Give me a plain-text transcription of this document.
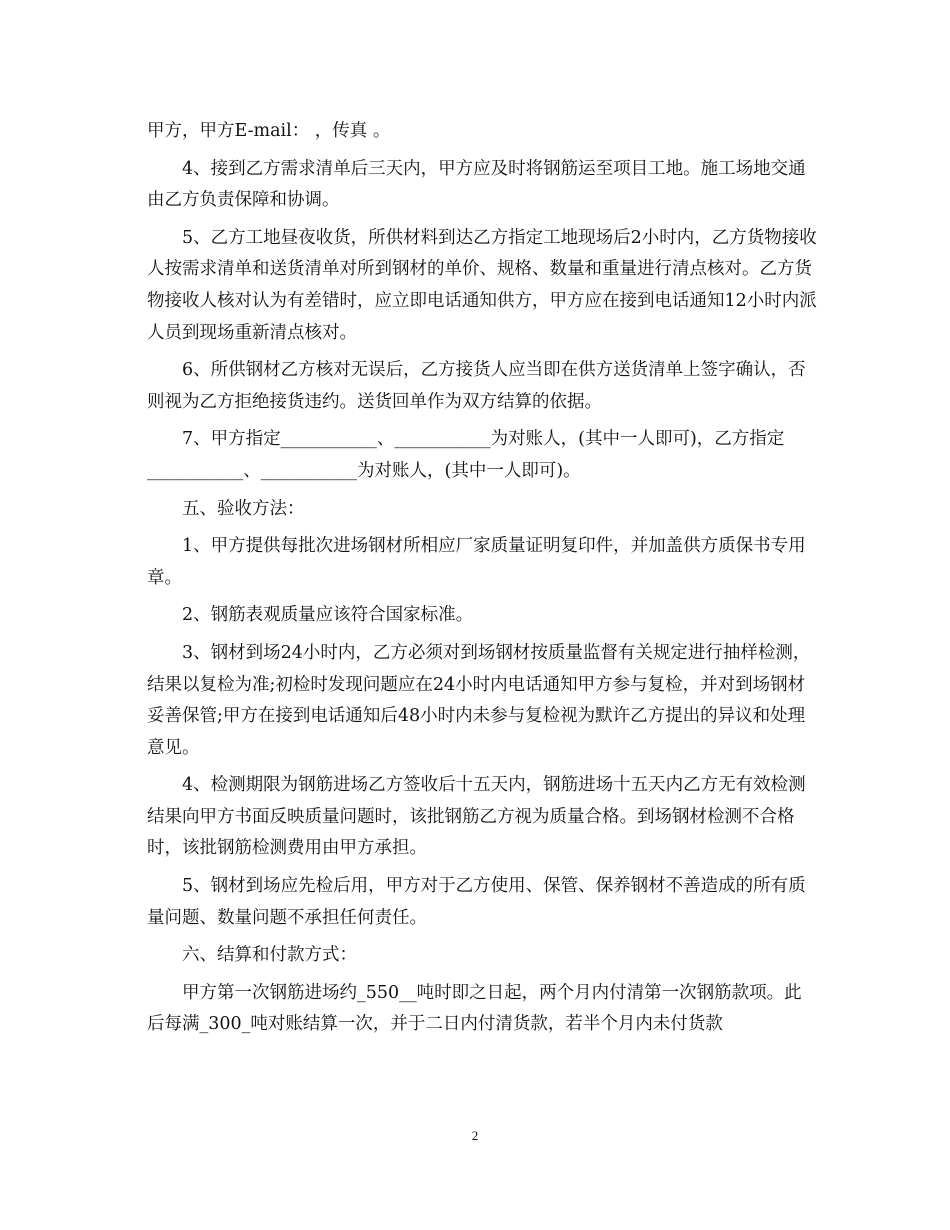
甲方，甲方E-mail： ，传真 。

4、接到乙方需求清单后三天内，甲方应及时将钢筋运至项目工地。施工场地交通由乙方负责保障和协调。

5、乙方工地昼夜收货，所供材料到达乙方指定工地现场后2小时内，乙方货物接收人按需求清单和送货清单对所到钢材的单价、规格、数量和重量进行清点核对。乙方货物接收人核对认为有差错时，应立即电话通知供方，甲方应在接到电话通知12小时内派人员到现场重新清点核对。

6、所供钢材乙方核对无误后，乙方接货人应当即在供方送货清单上签字确认，否则视为乙方拒绝接货违约。送货回单作为双方结算的依据。

7、甲方指定___________、___________为对账人，(其中一人即可)，乙方指定___________、___________为对账人，(其中一人即可)。

五、验收方法：

1、甲方提供每批次进场钢材所相应厂家质量证明复印件，并加盖供方质保书专用章。

2、钢筋表观质量应该符合国家标准。

3、钢材到场24小时内，乙方必须对到场钢材按质量监督有关规定进行抽样检测，结果以复检为准;初检时发现问题应在24小时内电话通知甲方参与复检，并对到场钢材妥善保管;甲方在接到电话通知后48小时内未参与复检视为默许乙方提出的异议和处理意见。

4、检测期限为钢筋进场乙方签收后十五天内，钢筋进场十五天内乙方无有效检测结果向甲方书面反映质量问题时，该批钢筋乙方视为质量合格。到场钢材检测不合格时，该批钢筋检测费用由甲方承担。

5、钢材到场应先检后用，甲方对于乙方使用、保管、保养钢材不善造成的所有质量问题、数量问题不承担任何责任。

六、结算和付款方式：

甲方第一次钢筋进场约_550__吨时即之日起，两个月内付清第一次钢筋款项。此后每满_300_吨对账结算一次，并于二日内付清货款，若半个月内未付货款

2
